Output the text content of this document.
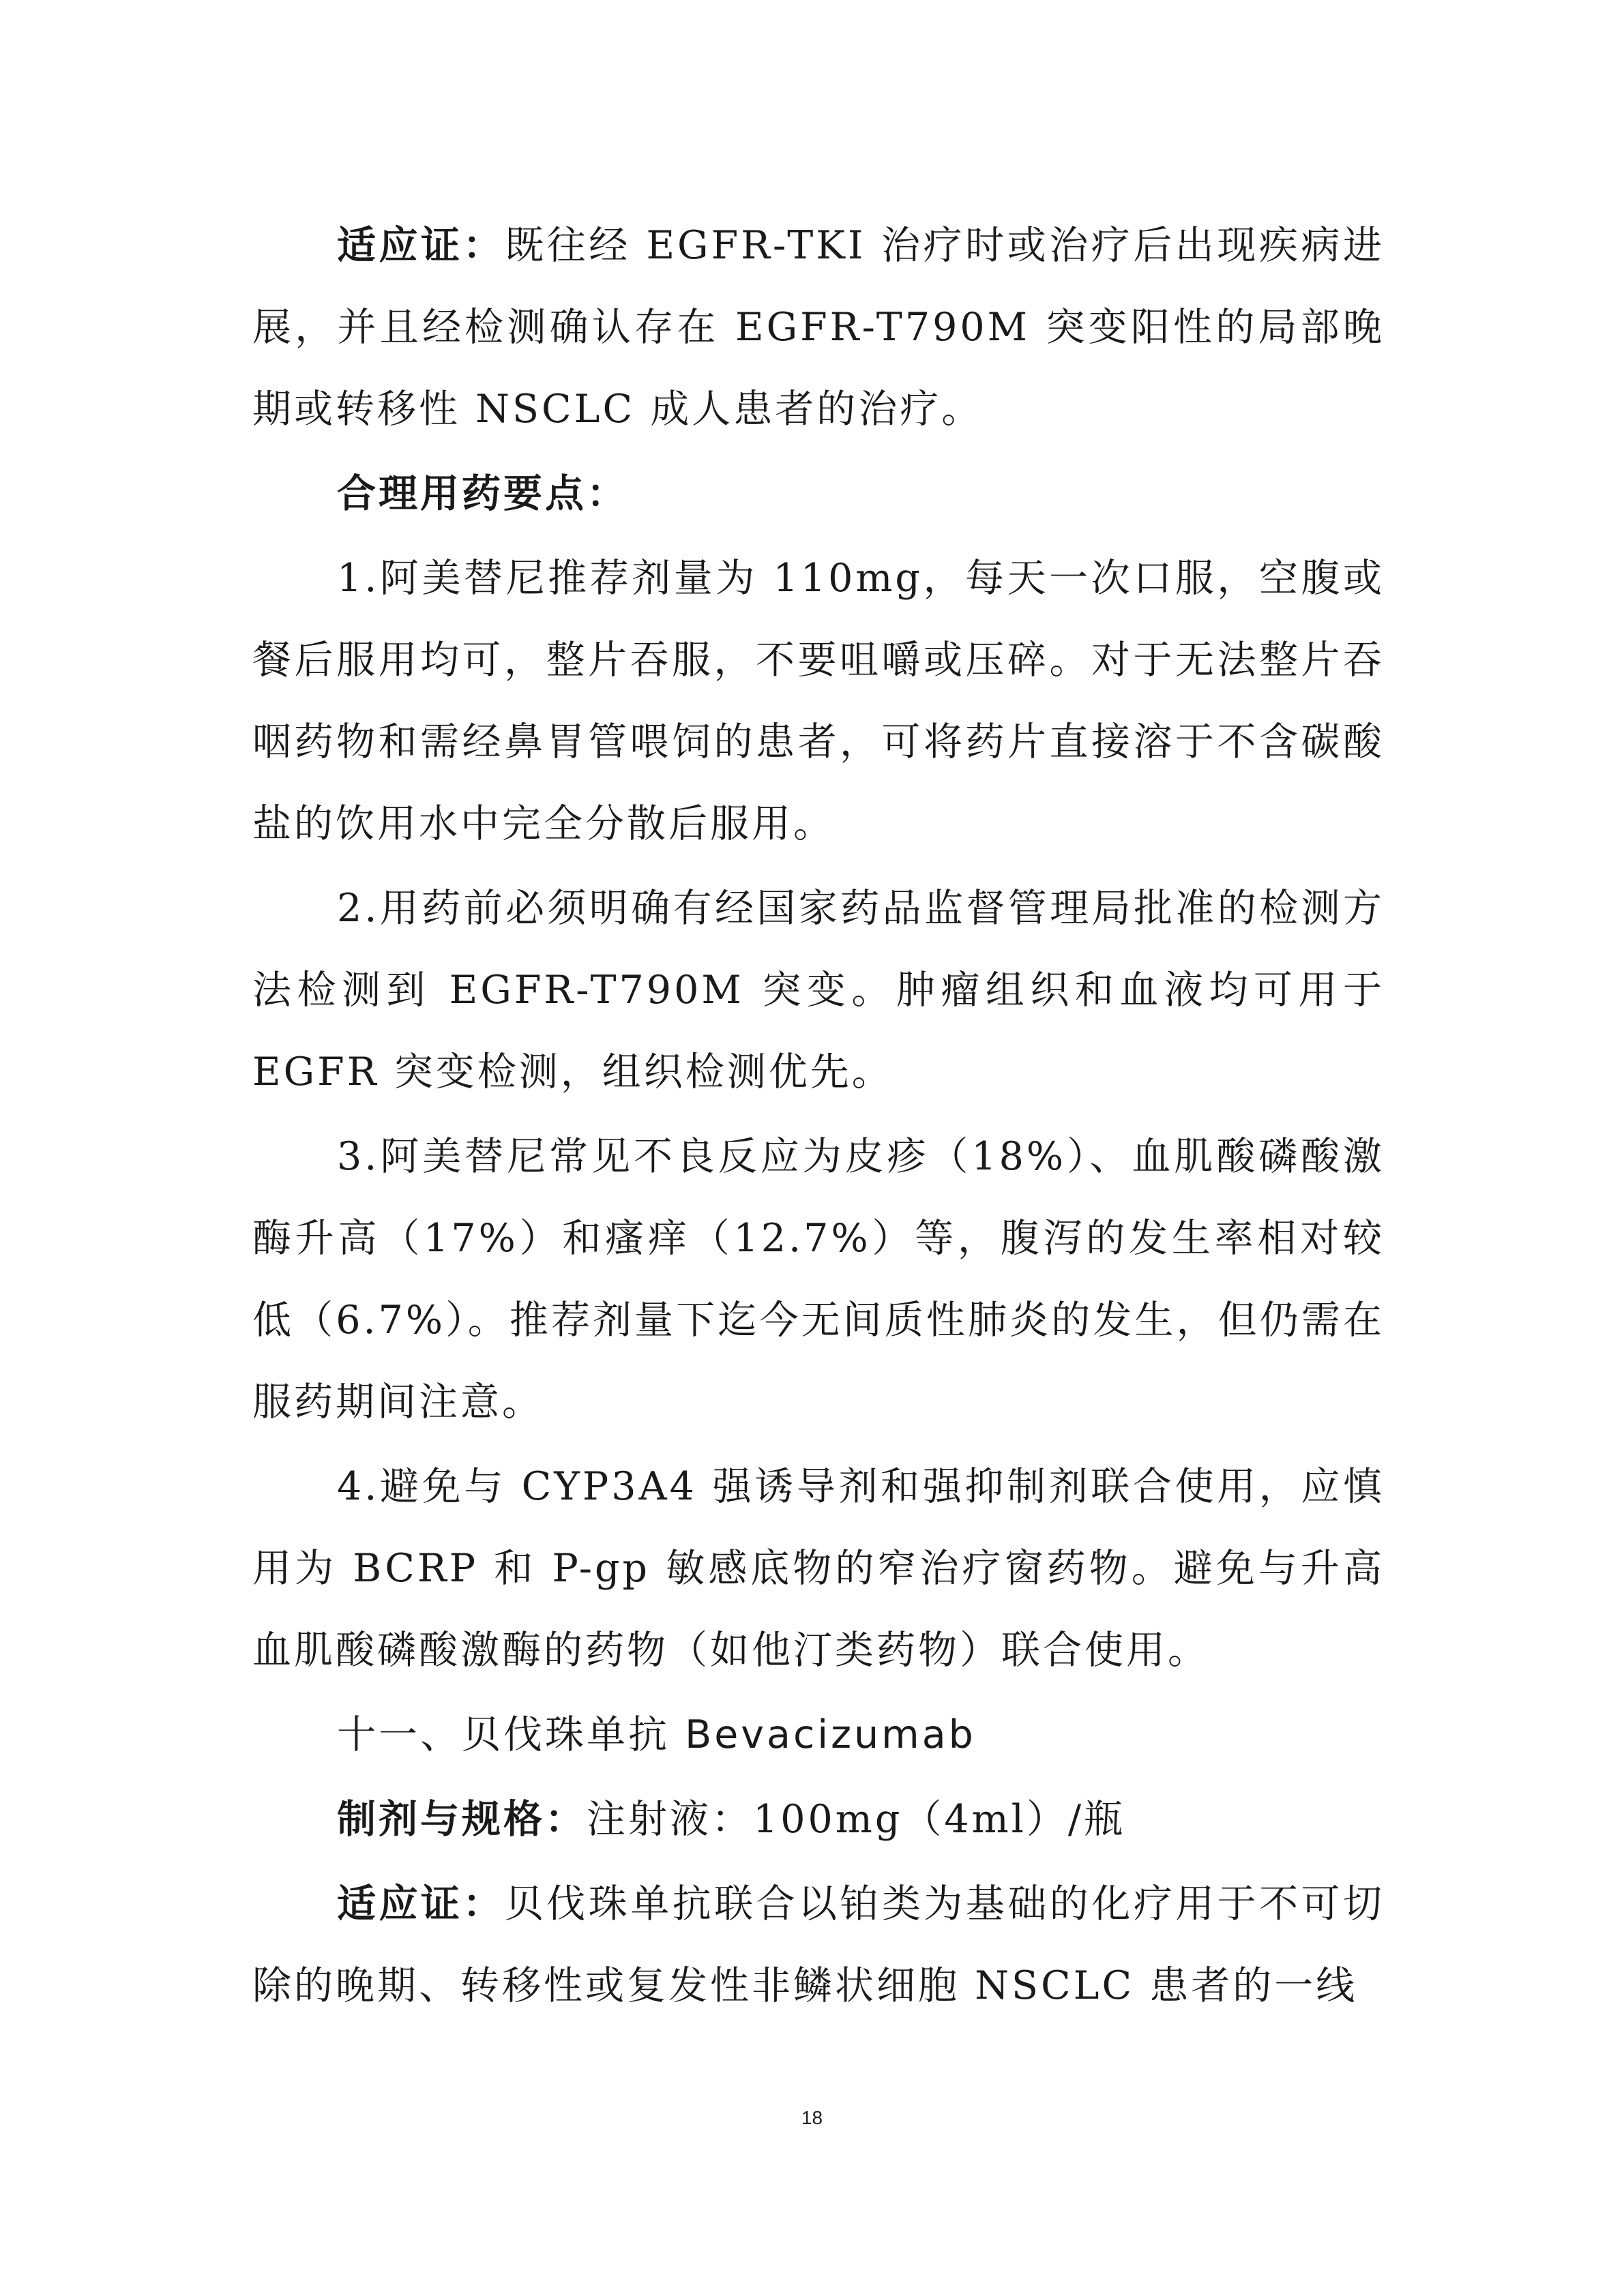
适应证：既往经 EGFR-TKI 治疗时或治疗后出现疾病进展，并且经检测确认存在 EGFR-T790M 突变阳性的局部晚期或转移性 NSCLC 成人患者的治疗。

合理用药要点：

1.阿美替尼推荐剂量为 110mg，每天一次口服，空腹或餐后服用均可，整片吞服，不要咀嚼或压碎。对于无法整片吞咽药物和需经鼻胃管喂饲的患者，可将药片直接溶于不含碳酸盐的饮用水中完全分散后服用。

2.用药前必须明确有经国家药品监督管理局批准的检测方法检测到 EGFR-T790M 突变。肿瘤组织和血液均可用于 EGFR 突变检测，组织检测优先。

3.阿美替尼常见不良反应为皮疹（18%）、血肌酸磷酸激酶升高（17%）和瘙痒（12.7%）等，腹泻的发生率相对较低（6.7%）。推荐剂量下迄今无间质性肺炎的发生，但仍需在服药期间注意。

4.避免与 CYP3A4 强诱导剂和强抑制剂联合使用，应慎用为 BCRP 和 P-gp 敏感底物的窄治疗窗药物。避免与升高血肌酸磷酸激酶的药物（如他汀类药物）联合使用。

十一、贝伐珠单抗 Bevacizumab

制剂与规格：注射液：100mg（4ml）/瓶

适应证：贝伐珠单抗联合以铂类为基础的化疗用于不可切除的晚期、转移性或复发性非鳞状细胞 NSCLC 患者的一线

18
